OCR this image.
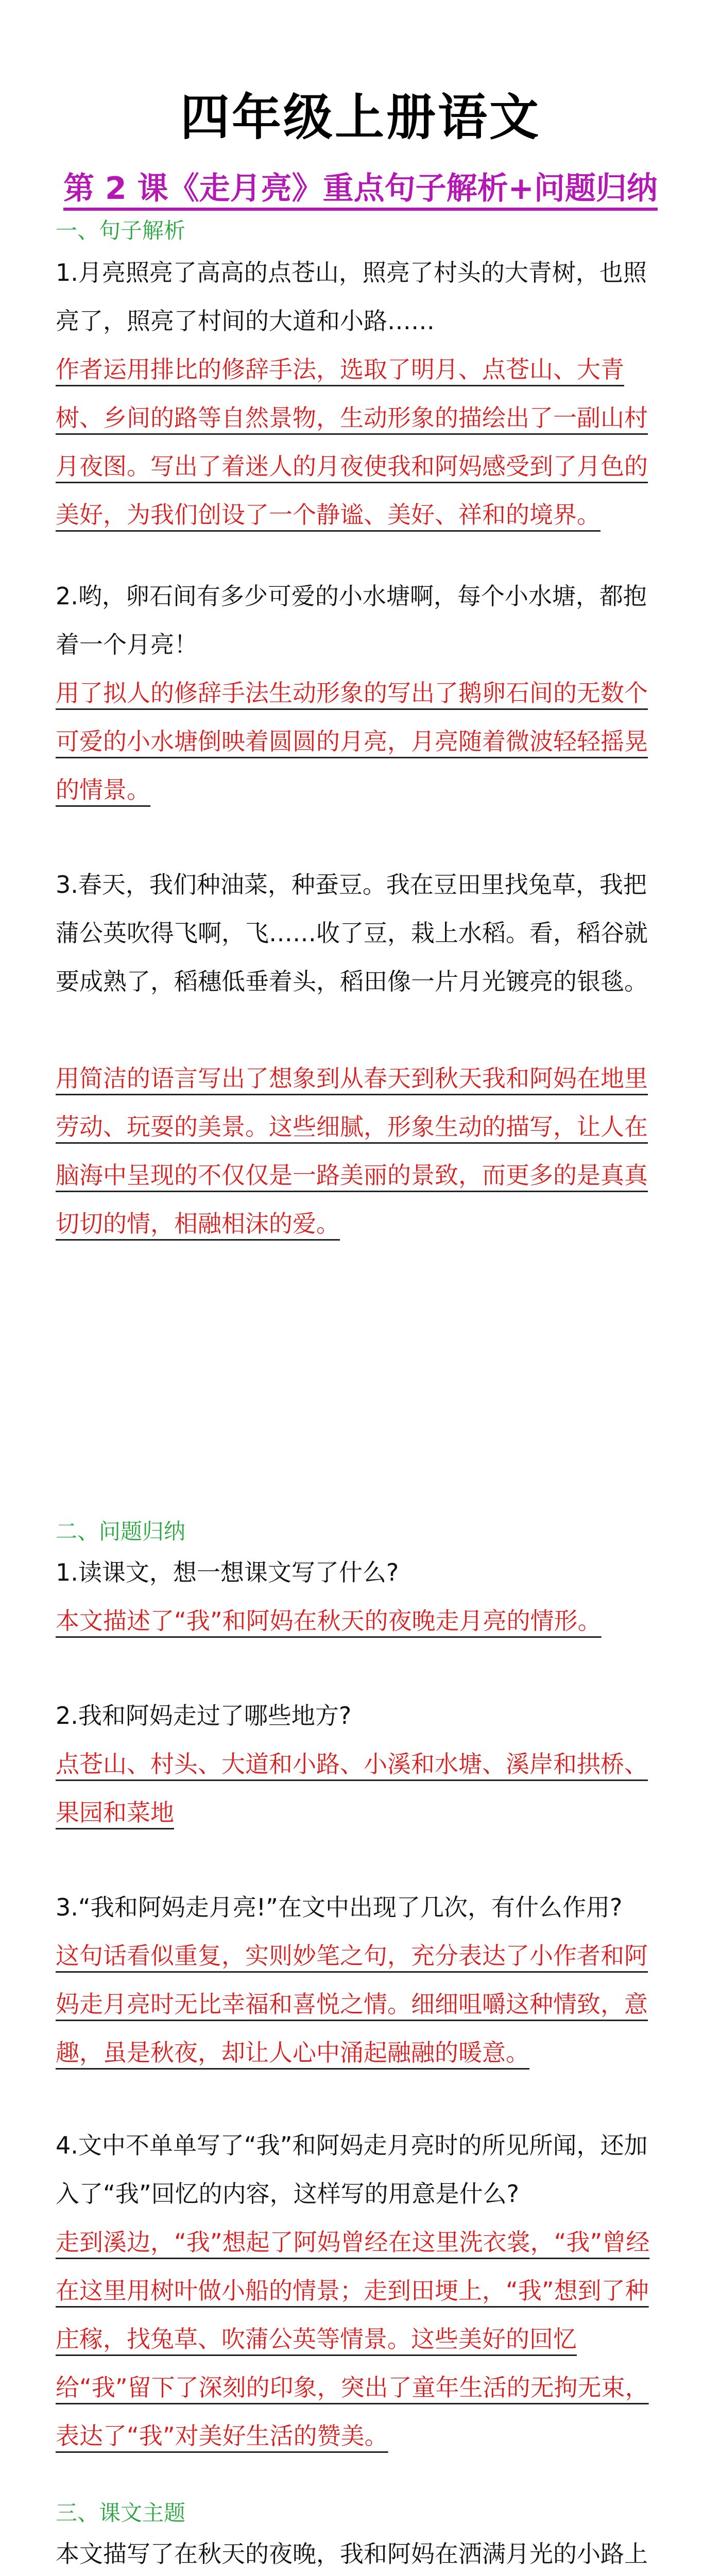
四年级上册语文
第 2 课《走月亮》重点句子解析+问题归纳
一、句子解析

1.月亮照亮了高高的点苍山，照亮了村头的大青树，也照亮了，照亮了村间的大道和小路……

作者运用排比的修辞手法，选取了明月、点苍山、大青树、乡间的路等自然景物，生动形象的描绘出了一副山村月夜图。写出了着迷人的月夜使我和阿妈感受到了月色的美好，为我们创设了一个静谧、美好、祥和的境界。

2.哟，卵石间有多少可爱的小水塘啊，每个小水塘，都抱着一个月亮！

用了拟人的修辞手法生动形象的写出了鹅卵石间的无数个可爱的小水塘倒映着圆圆的月亮，月亮随着微波轻轻摇晃的情景。

3.春天，我们种油菜，种蚕豆。我在豆田里找兔草，我把蒲公英吹得飞啊，飞……收了豆，栽上水稻。看，稻谷就要成熟了，稻穗低垂着头，稻田像一片月光镀亮的银毯。

用简洁的语言写出了想象到从春天到秋天我和阿妈在地里劳动、玩耍的美景。这些细腻，形象生动的描写，让人在脑海中呈现的不仅仅是一路美丽的景致，而更多的是真真切切的情，相融相沫的爱。

二、问题归纳

1.读课文，想一想课文写了什么?

本文描述了“我”和阿妈在秋天的夜晚走月亮的情形。

2.我和阿妈走过了哪些地方?

点苍山、村头、大道和小路、小溪和水塘、溪岸和拱桥、果园和菜地

3.“我和阿妈走月亮!”在文中出现了几次，有什么作用?

这句话看似重复，实则妙笔之句，充分表达了小作者和阿妈走月亮时无比幸福和喜悦之情。细细咀嚼这种情致，意趣，虽是秋夜，却让人心中涌起融融的暖意。

4.文中不单单写了“我”和阿妈走月亮时的所见所闻，还加入了“我”回忆的内容，这样写的用意是什么?

走到溪边，“我”想起了阿妈曾经在这里洗衣裳，“我”曾经在这里用树叶做小船的情景；走到田埂上，“我”想到了种庄稼，找兔草、吹蒲公英等情景。这些美好的回忆给“我”留下了深刻的印象，突出了童年生活的无拘无束，表达了“我”对美好生活的赞美。

三、课文主题

本文描写了在秋天的夜晚，我和阿妈在洒满月光的小路上
